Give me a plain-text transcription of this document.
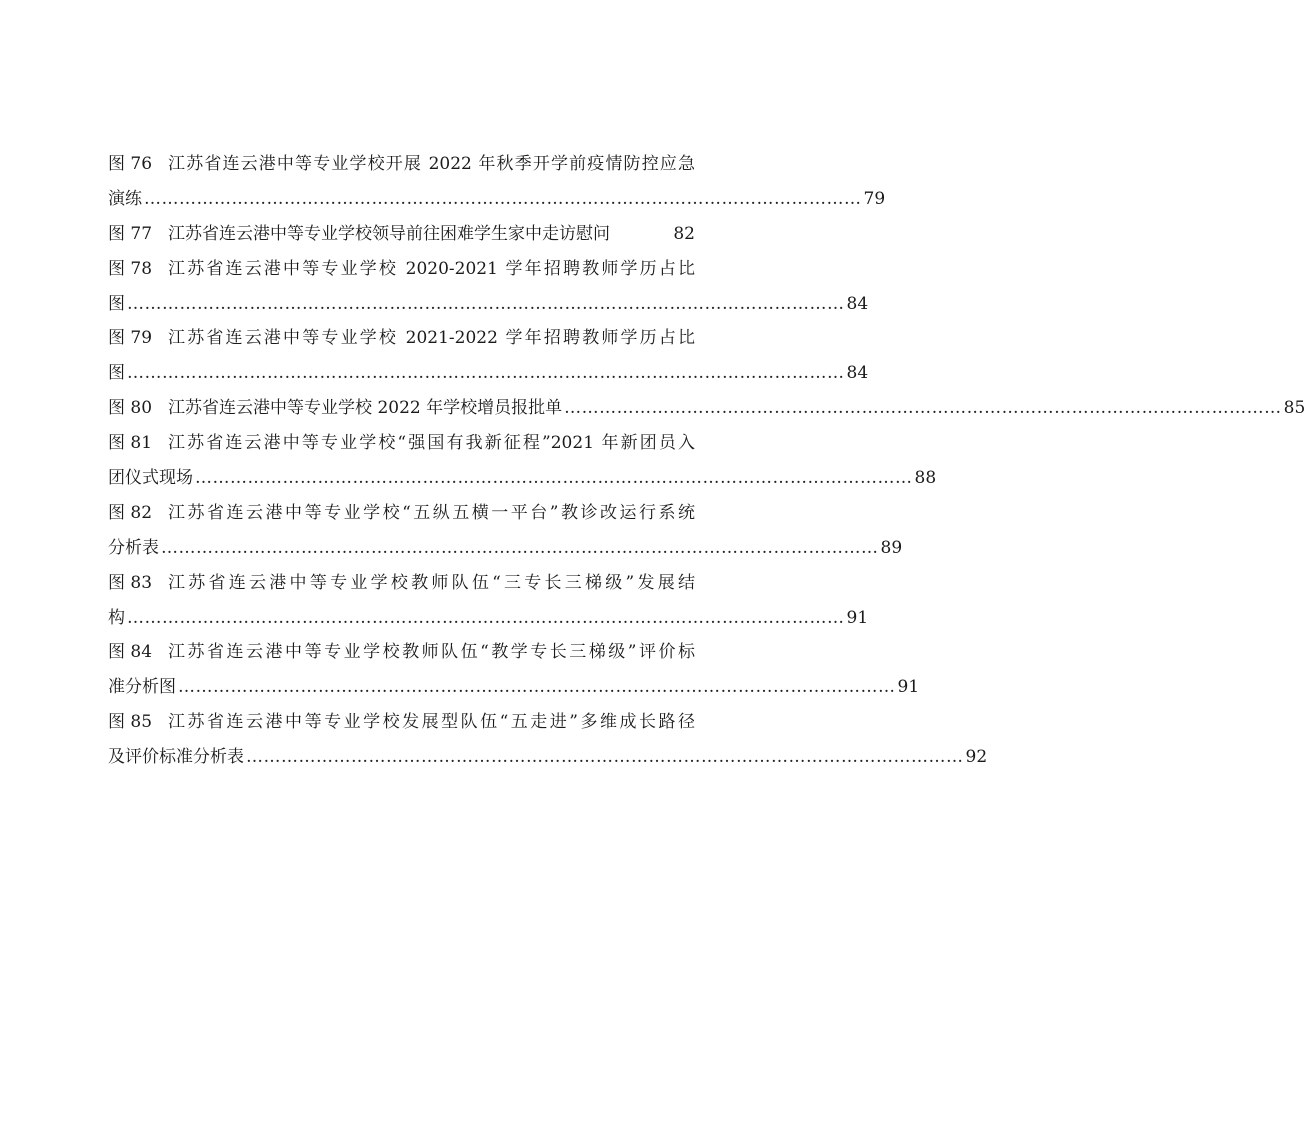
图 76 江苏省连云港中等专业学校开展 2022 年秋季开学前疫情防控应急
演练 …………………………………………………………………………………………………………… 79
图 77 江苏省连云港中等专业学校领导前往困难学生家中走访慰问	82
图 78 江苏省连云港中等专业学校 2020-2021 学年招聘教师学历占比
图 …………………………………………………………………………………………………………… 84
图 79 江苏省连云港中等专业学校 2021-2022 学年招聘教师学历占比
图 …………………………………………………………………………………………………………… 84
图 80 江苏省连云港中等专业学校 2022 年学校增员报批单 …………………………………………………………………………………………………………… 85
图 81 江苏省连云港中等专业学校“强国有我新征程”2021 年新团员入
团仪式现场 …………………………………………………………………………………………………………… 88
图 82 江苏省连云港中等专业学校“五纵五横一平台”教诊改运行系统
分析表 …………………………………………………………………………………………………………… 89
图 83 江苏省连云港中等专业学校教师队伍“三专长三梯级”发展结
构 …………………………………………………………………………………………………………… 91
图 84 江苏省连云港中等专业学校教师队伍“教学专长三梯级”评价标
准分析图 …………………………………………………………………………………………………………… 91
图 85 江苏省连云港中等专业学校发展型队伍“五走进”多维成长路径
及评价标准分析表 …………………………………………………………………………………………………………… 92
